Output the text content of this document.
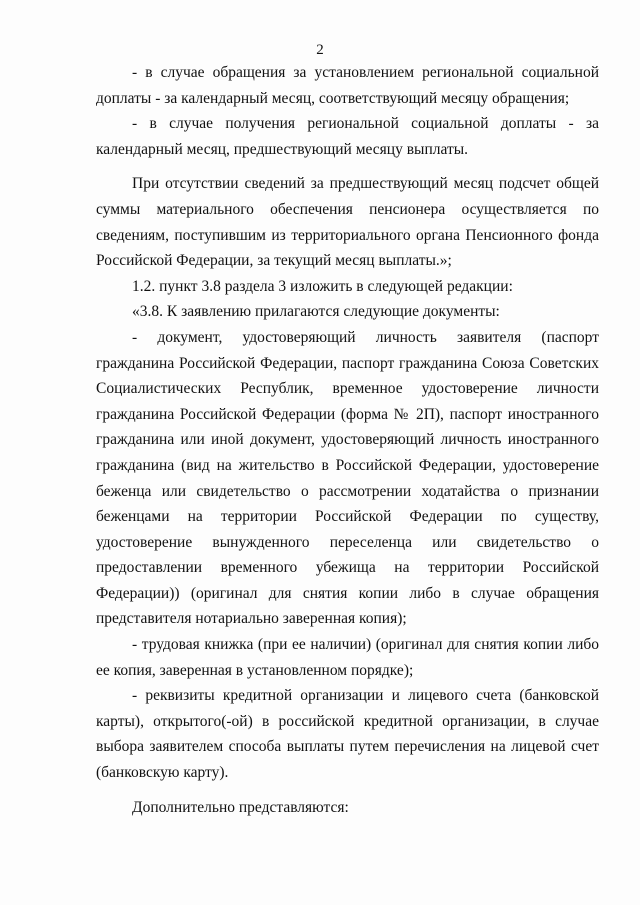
2

- в случае обращения за установлением региональной социальной доплаты - за календарный месяц, соответствующий месяцу обращения;

- в случае получения региональной социальной доплаты - за календарный месяц, предшествующий месяцу выплаты.

При отсутствии сведений за предшествующий месяц подсчет общей суммы материального обеспечения пенсионера осуществляется по сведениям, поступившим из территориального органа Пенсионного фонда Российской Федерации, за текущий месяц выплаты.»;

1.2. пункт 3.8 раздела 3 изложить в следующей редакции:

«3.8. К заявлению прилагаются следующие документы:

- документ, удостоверяющий личность заявителя (паспорт гражданина Российской Федерации, паспорт гражданина Союза Советских Социалистических Республик, временное удостоверение личности гражданина Российской Федерации (форма № 2П), паспорт иностранного гражданина или иной документ, удостоверяющий личность иностранного гражданина (вид на жительство в Российской Федерации, удостоверение беженца или свидетельство о рассмотрении ходатайства о признании беженцами на территории Российской Федерации по существу, удостоверение вынужденного переселенца или свидетельство о предоставлении временного убежища на территории Российской Федерации)) (оригинал для снятия копии либо в случае обращения представителя нотариально заверенная копия);

- трудовая книжка (при ее наличии) (оригинал для снятия копии либо ее копия, заверенная в установленном порядке);

- реквизиты кредитной организации и лицевого счета (банковской карты), открытого(-ой) в российской кредитной организации, в случае выбора заявителем способа выплаты путем перечисления на лицевой счет (банковскую карту).

Дополнительно представляются:
